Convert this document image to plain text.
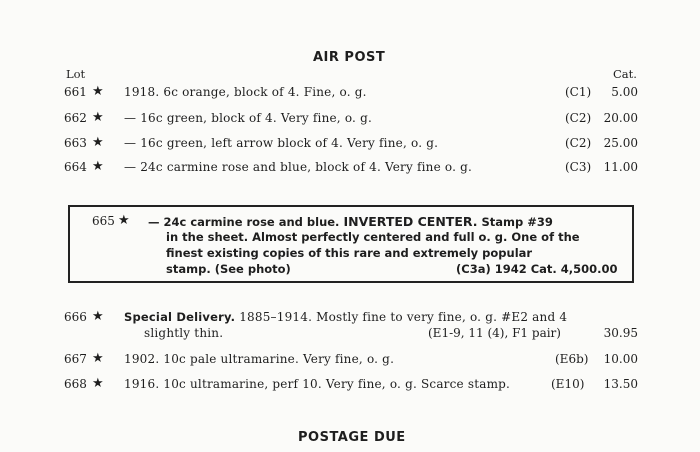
AIR POST
Lot	Cat.
661 ★ 1918. 6c orange, block of 4. Fine, o. g.	(C1)	5.00
662 ★ — 16c green, block of 4. Very fine, o. g.	(C2)	20.00
663 ★ — 16c green, left arrow block of 4. Very fine, o. g.	(C2)	25.00
664 ★ — 24c carmine rose and blue, block of 4. Very fine o. g.	(C3)	11.00
665 ★ — 24c carmine rose and blue. INVERTED CENTER. Stamp #39
in the sheet. Almost perfectly centered and full o. g. One of the
finest existing copies of this rare and extremely popular
stamp. (See photo)	(C3a) 1942 Cat. 4,500.00
666 ★ Special Delivery. 1885–1914. Mostly fine to very fine, o. g. #E2 and 4
slightly thin.	(E1-9, 11 (4), F1 pair)	30.95
667 ★ 1902. 10c pale ultramarine. Very fine, o. g.	(E6b)	10.00
668 ★ 1916. 10c ultramarine, perf 10. Very fine, o. g. Scarce stamp.	(E10)	13.50
POSTAGE DUE
